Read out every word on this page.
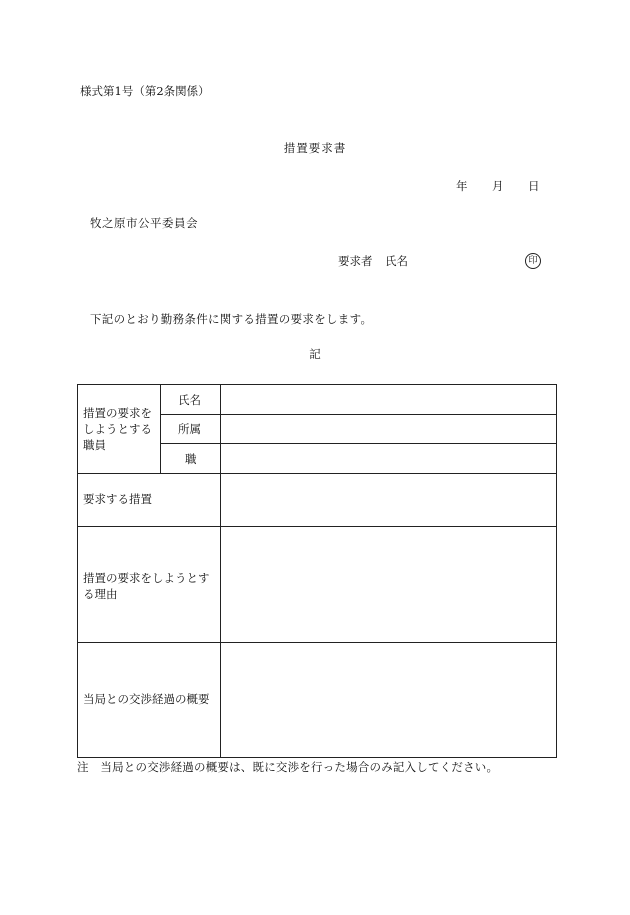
様式第1号（第2条関係）
措置要求書
年 月 日
牧之原市公平委員会
要求者 氏名	印
下記のとおり勤務条件に関する措置の要求をします。
記
措置の要求を
しようとする
職員
氏名
所属
職
要求する措置
措置の要求をしようとす
る理由
当局との交渉経過の概要
注　当局との交渉経過の概要は、既に交渉を行った場合のみ記入してください。
